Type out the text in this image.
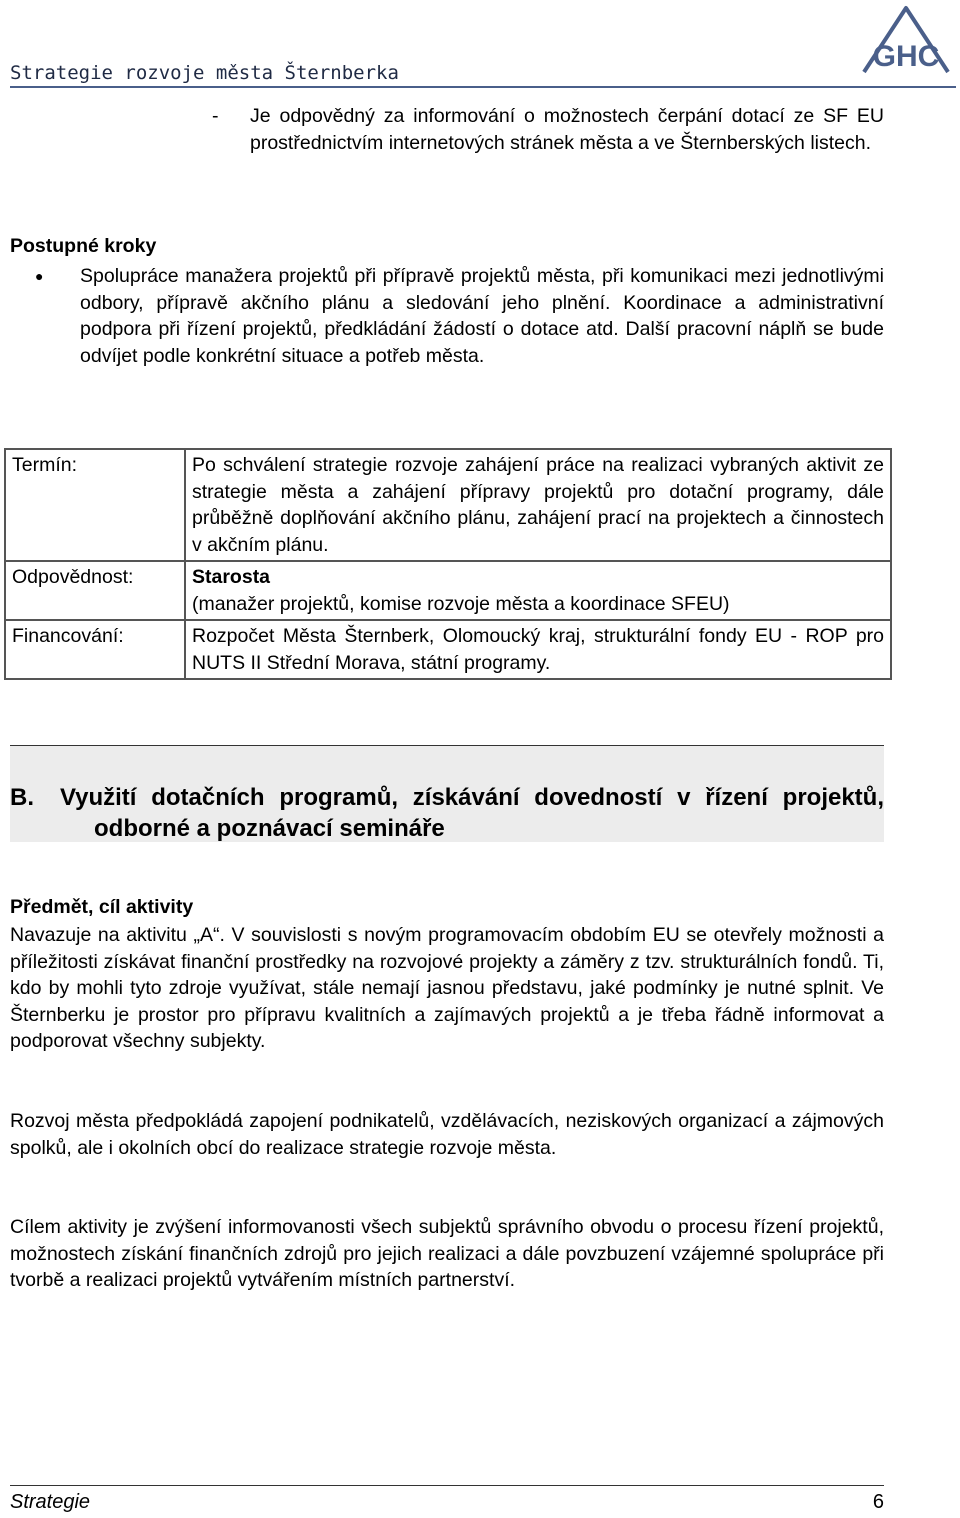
Strategie rozvoje města Šternberka	GHC
- Je odpovědný za informování o možnostech čerpání dotací ze SF EU prostřednictvím internetových stránek města a ve Šternberských listech.
Postupné kroky
● Spolupráce manažera projektů při přípravě projektů města, při komunikaci mezi jednotlivými odbory, přípravě akčního plánu a sledování jeho plnění. Koordinace a administrativní podpora při řízení projektů, předkládání žádostí o dotace atd. Další pracovní náplň se bude odvíjet podle konkrétní situace a potřeb města.
Termín:	Po schválení strategie rozvoje zahájení práce na realizaci vybraných aktivit ze strategie města a zahájení přípravy projektů pro dotační programy, dále průběžně doplňování akčního plánu, zahájení prací na projektech a činnostech v akčním plánu.
Odpovědnost:	Starosta
(manažer projektů, komise rozvoje města a koordinace SFEU)

Financování:	Rozpočet Města Šternberk, Olomoucký kraj, strukturální fondy EU - ROP pro NUTS II Střední Morava, státní programy.
B. Využití dotačních programů, získávání dovedností v řízení projektů, odborné a poznávací semináře
Předmět, cíl aktivity
Navazuje na aktivitu „A“. V souvislosti s novým programovacím obdobím EU se otevřely možnosti a příležitosti získávat finanční prostředky na rozvojové projekty a záměry z tzv. strukturálních fondů. Ti, kdo by mohli tyto zdroje využívat, stále nemají jasnou představu, jaké podmínky je nutné splnit. Ve Šternberku je prostor pro přípravu kvalitních a zajímavých projektů a je třeba řádně informovat a podporovat všechny subjekty.
Rozvoj města předpokládá zapojení podnikatelů, vzdělávacích, neziskových organizací a zájmových spolků, ale i okolních obcí do realizace strategie rozvoje města.
Cílem aktivity je zvýšení informovanosti všech subjektů správního obvodu o procesu řízení projektů, možnostech získání finančních zdrojů pro jejich realizaci a dále povzbuzení vzájemné spolupráce při tvorbě a realizaci projektů vytvářením místních partnerství.
Strategie	6
